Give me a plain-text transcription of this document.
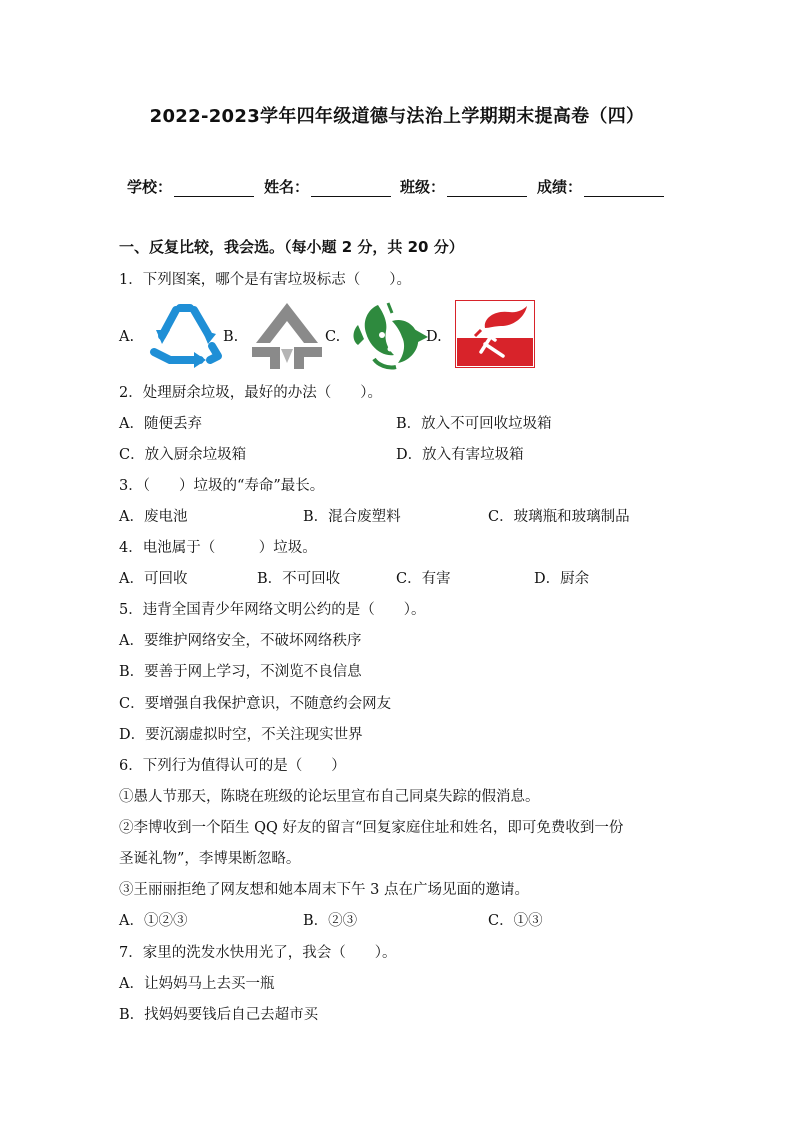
2022-2023学年四年级道德与法治上学期期末提高卷（四）
学校：	姓名：	班级：	成绩：
一、反复比较，我会选。（每小题 2 分，共 20 分）
1．下列图案，哪个是有害垃圾标志（　　）。
A.	B.	C.	D.
2．处理厨余垃圾，最好的办法（　　）。
A．随便丢弃	B．放入不可回收垃圾箱
C．放入厨余垃圾箱	D．放入有害垃圾箱
3．（　　）垃圾的“寿命”最长。
A．废电池	B．混合废塑料	C．玻璃瓶和玻璃制品
4．电池属于（　　　）垃圾。
A．可回收	B．不可回收	C．有害	D．厨余
5．违背全国青少年网络文明公约的是（　　）。
A．要维护网络安全，不破坏网络秩序
B．要善于网上学习，不浏览不良信息
C．要增强自我保护意识，不随意约会网友
D．要沉溺虚拟时空，不关注现实世界
6．下列行为值得认可的是（　　）
①愚人节那天，陈晓在班级的论坛里宣布自己同桌失踪的假消息。
②李博收到一个陌生 QQ 好友的留言“回复家庭住址和姓名，即可免费收到一份
圣诞礼物”，李博果断忽略。
③王丽丽拒绝了网友想和她本周末下午 3 点在广场见面的邀请。
A．①②③	B．②③	C．①③
7．家里的洗发水快用光了，我会（　　）。
A．让妈妈马上去买一瓶
B．找妈妈要钱后自己去超市买
